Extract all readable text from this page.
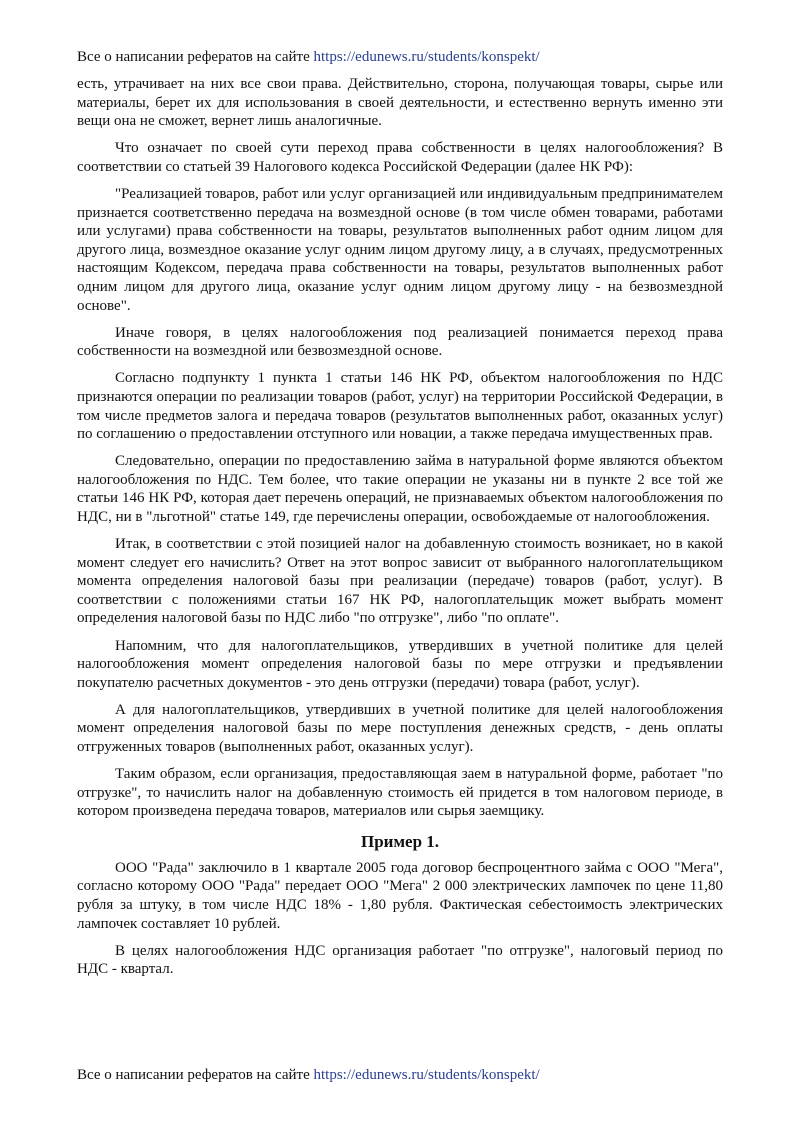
Все о написании рефератов на сайте https://edunews.ru/students/konspekt/

есть, утрачивает на них все свои права. Действительно, сторона, получающая товары, сырье или материалы, берет их для использования в своей деятельности, и естественно вернуть именно эти вещи она не сможет, вернет лишь аналогичные.

Что означает по своей сути переход права собственности в целях налогообложения? В соответствии со статьей 39 Налогового кодекса Российской Федерации (далее НК РФ):

"Реализацией товаров, работ или услуг организацией или индивидуальным предпринимателем признается соответственно передача на возмездной основе (в том числе обмен товарами, работами или услугами) права собственности на товары, результатов выполненных работ одним лицом для другого лица, возмездное оказание услуг одним лицом другому лицу, а в случаях, предусмотренных настоящим Кодексом, передача права собственности на товары, результатов выполненных работ одним лицом для другого лица, оказание услуг одним лицом другому лицу - на безвозмездной основе".

Иначе говоря, в целях налогообложения под реализацией понимается переход права собственности на возмездной или безвозмездной основе.

Согласно подпункту 1 пункта 1 статьи 146 НК РФ, объектом налогообложения по НДС признаются операции по реализации товаров (работ, услуг) на территории Российской Федерации, в том числе предметов залога и передача товаров (результатов выполненных работ, оказанных услуг) по соглашению о предоставлении отступного или новации, а также передача имущественных прав.

Следовательно, операции по предоставлению займа в натуральной форме являются объектом налогообложения по НДС. Тем более, что такие операции не указаны ни в пункте 2 все той же статьи 146 НК РФ, которая дает перечень операций, не признаваемых объектом налогообложения по НДС, ни в "льготной" статье 149, где перечислены операции, освобождаемые от налогообложения.

Итак, в соответствии с этой позицией налог на добавленную стоимость возникает, но в какой момент следует его начислить? Ответ на этот вопрос зависит от выбранного налогоплательщиком момента определения налоговой базы при реализации (передаче) товаров (работ, услуг). В соответствии с положениями статьи 167 НК РФ, налогоплательщик может выбрать момент определения налоговой базы по НДС либо "по отгрузке", либо "по оплате".

Напомним, что для налогоплательщиков, утвердивших в учетной политике для целей налогообложения момент определения налоговой базы по мере отгрузки и предъявлении покупателю расчетных документов - это день отгрузки (передачи) товара (работ, услуг).

А для налогоплательщиков, утвердивших в учетной политике для целей налогообложения момент определения налоговой базы по мере поступления денежных средств, - день оплаты отгруженных товаров (выполненных работ, оказанных услуг).

Таким образом, если организация, предоставляющая заем в натуральной форме, работает "по отгрузке", то начислить налог на добавленную стоимость ей придется в том налоговом периоде, в котором произведена передача товаров, материалов или сырья заемщику.

Пример 1.

ООО "Рада" заключило в 1 квартале 2005 года договор беспроцентного займа с ООО "Мега", согласно которому ООО "Рада" передает ООО "Мега" 2 000 электрических лампочек по цене 11,80 рубля за штуку, в том числе НДС 18% - 1,80 рубля. Фактическая себестоимость электрических лампочек составляет 10 рублей.

В целях налогообложения НДС организация работает "по отгрузке", налоговый период по НДС - квартал.

Все о написании рефератов на сайте https://edunews.ru/students/konspekt/
